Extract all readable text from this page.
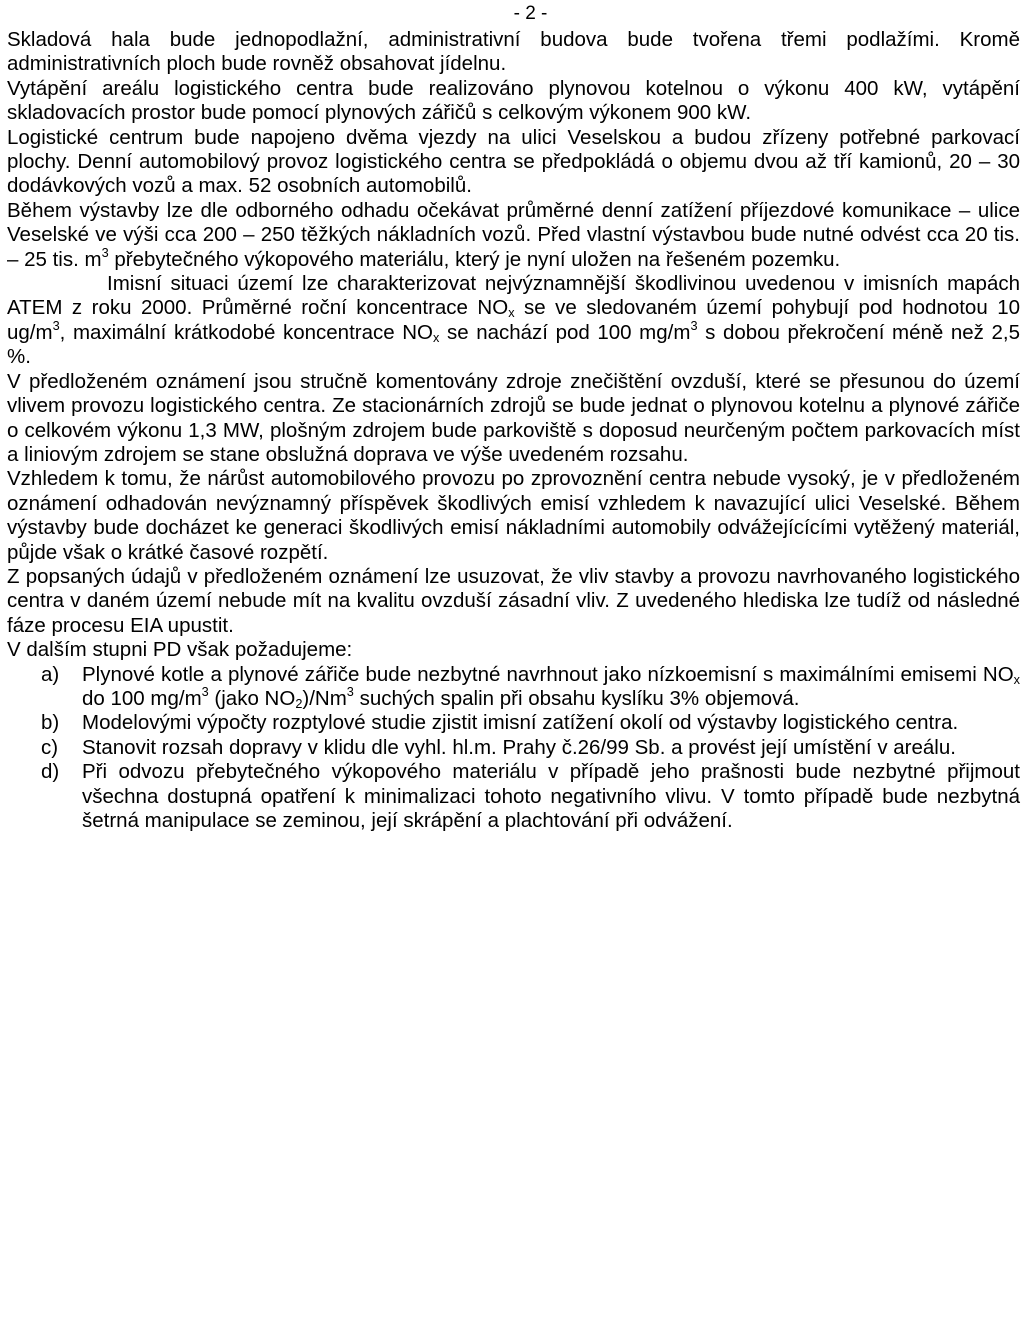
- 2 -

Skladová hala bude jednopodlažní, administrativní budova bude tvořena třemi podlažími. Kromě administrativních ploch bude rovněž obsahovat jídelnu.

Vytápění areálu logistického centra bude realizováno plynovou kotelnou o výkonu 400 kW, vytápění skladovacích prostor bude pomocí plynových zářičů s celkovým výkonem 900 kW.

Logistické centrum bude napojeno dvěma vjezdy na ulici Veselskou a budou zřízeny potřebné parkovací plochy. Denní automobilový provoz logistického centra se předpokládá o objemu dvou až tří kamionů, 20 – 30 dodávkových vozů a max. 52 osobních automobilů.

Během výstavby lze dle odborného odhadu očekávat průměrné denní zatížení příjezdové komunikace – ulice Veselské ve výši cca 200 – 250 těžkých nákladních vozů. Před vlastní výstavbou bude nutné odvést cca 20 tis. – 25 tis. $m^3$ přebytečného výkopového materiálu, který je nyní uložen na řešeném pozemku.

Imisní situaci území lze charakterizovat nejvýznamnější škodlivinou uvedenou v imisních mapách ATEM z roku 2000. Průměrné roční koncentrace $NO_x$ se ve sledovaném území pohybují pod hodnotou 10 $ug/m^3$, maximální krátkodobé koncentrace $NO_x$ se nachází pod 100 $mg/m^3$ s dobou překročení méně než 2,5 %.

V předloženém oznámení jsou stručně komentovány zdroje znečištění ovzduší, které se přesunou do území vlivem provozu logistického centra. Ze stacionárních zdrojů se bude jednat o plynovou kotelnu a plynové zářiče o celkovém výkonu 1,3 MW, plošným zdrojem bude parkoviště s doposud neurčeným počtem parkovacích míst a liniovým zdrojem se stane obslužná doprava ve výše uvedeném rozsahu.

Vzhledem k tomu, že nárůst automobilového provozu po zprovoznění centra nebude vysoký, je v předloženém oznámení odhadován nevýznamný příspěvek škodlivých emisí vzhledem k navazující ulici Veselské. Během výstavby bude docházet ke generaci škodlivých emisí nákladními automobily odvážejícícími vytěžený materiál, půjde však o krátké časové rozpětí.

Z popsaných údajů v předloženém oznámení lze usuzovat, že vliv stavby a provozu navrhovaného logistického centra v daném území nebude mít na kvalitu ovzduší zásadní vliv. Z uvedeného hlediska lze tudíž od následné fáze procesu EIA upustit.

V dalším stupni PD však požadujeme:

a) Plynové kotle a plynové zářiče bude nezbytné navrhnout jako nízkoemisní s maximálními emisemi $NO_x$ do 100 $mg/m^3$ (jako $NO_2)/Nm^3$ suchých spalin při obsahu kyslíku 3% objemová.
b) Modelovými výpočty rozptylové studie zjistit imisní zatížení okolí od výstavby logistického centra.
c) Stanovit rozsah dopravy v klidu dle vyhl. hl.m. Prahy č.26/99 Sb. a provést její umístění v areálu.
d) Při odvozu přebytečného výkopového materiálu v případě jeho prašnosti bude nezbytné přijmout všechna dostupná opatření k minimalizaci tohoto negativního vlivu. V tomto případě bude nezbytná šetrná manipulace se zeminou, její skrápění a plachtování při odvážení.
